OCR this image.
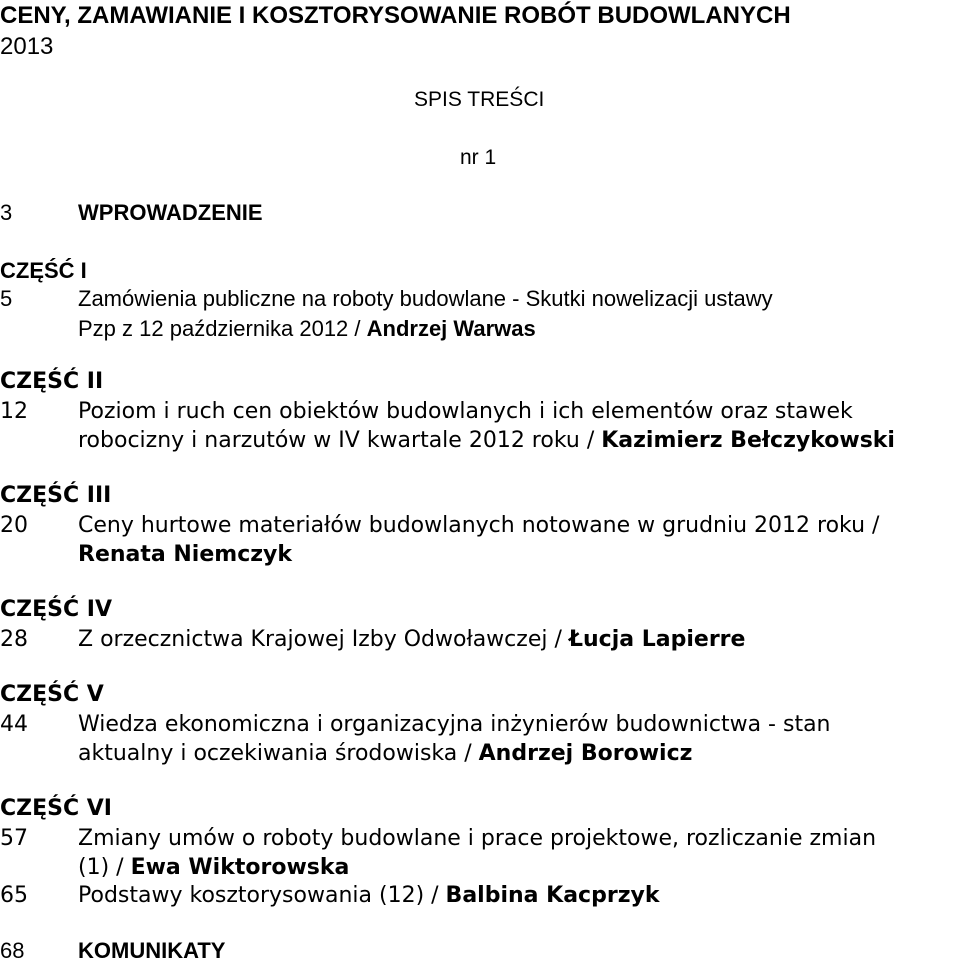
CENY, ZAMAWIANIE I KOSZTORYSOWANIE ROBÓT BUDOWLANYCH
2013
SPIS TREŚCI
nr 1
3	WPROWADZENIE
CZĘŚĆ I
5	Zamówienia publiczne na roboty budowlane - Skutki nowelizacji ustawy
Pzp z 12 października 2012 / Andrzej Warwas
CZĘŚĆ II
12 Poziom i ruch cen obiektów budowlanych i ich elementów oraz stawek
robocizny i narzutów w IV kwartale 2012 roku / Kazimierz Bełczykowski
CZĘŚĆ III
20 Ceny hurtowe materiałów budowlanych notowane w grudniu 2012 roku /
Renata Niemczyk
CZĘŚĆ IV
28 Z orzecznictwa Krajowej Izby Odwoławczej / Łucja Lapierre
CZĘŚĆ V
44 Wiedza ekonomiczna i organizacyjna inżynierów budownictwa - stan
aktualny i oczekiwania środowiska / Andrzej Borowicz
CZĘŚĆ VI
57 Zmiany umów o roboty budowlane i prace projektowe, rozliczanie zmian
(1) / Ewa Wiktorowska
65 Podstawy kosztorysowania (12) / Balbina Kacprzyk
68 KOMUNIKATY
